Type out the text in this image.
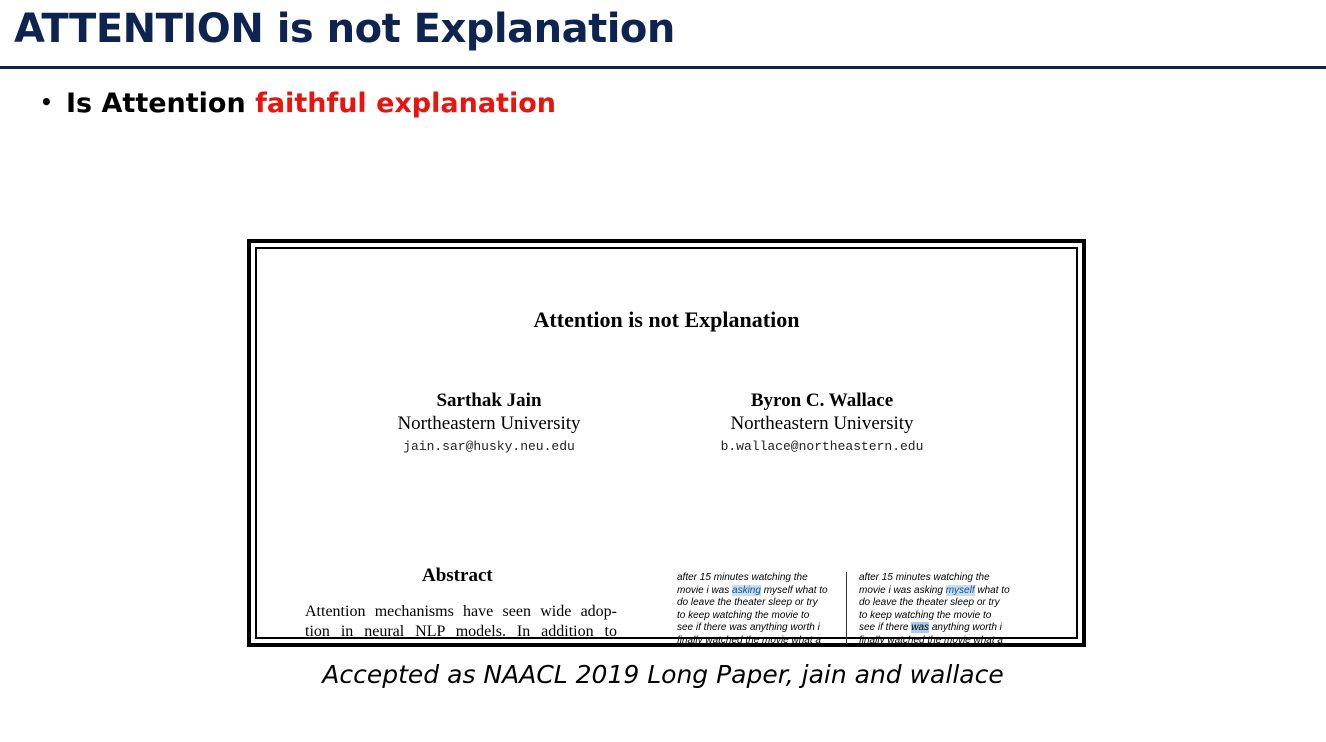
ATTENTION is not Explanation
• Is Attention faithful explanation
Attention is not Explanation
Sarthak Jain
Northeastern University
jain.sar@husky.neu.edu
Byron C. Wallace
Northeastern University
b.wallace@northeastern.edu
Abstract
Attention mechanisms have seen wide adop-
tion in neural NLP models. In addition to
after 15 minutes watching the
movie i was asking myself what to
do leave the theater sleep or try
to keep watching the movie to
see if there was anything worth i
finally watched the movie what a
after 15 minutes watching the
movie i was asking myself what to
do leave the theater sleep or try
to keep watching the movie to
see if there was anything worth i
finally watched the movie what a
Accepted as NAACL 2019 Long Paper, jain and wallace
